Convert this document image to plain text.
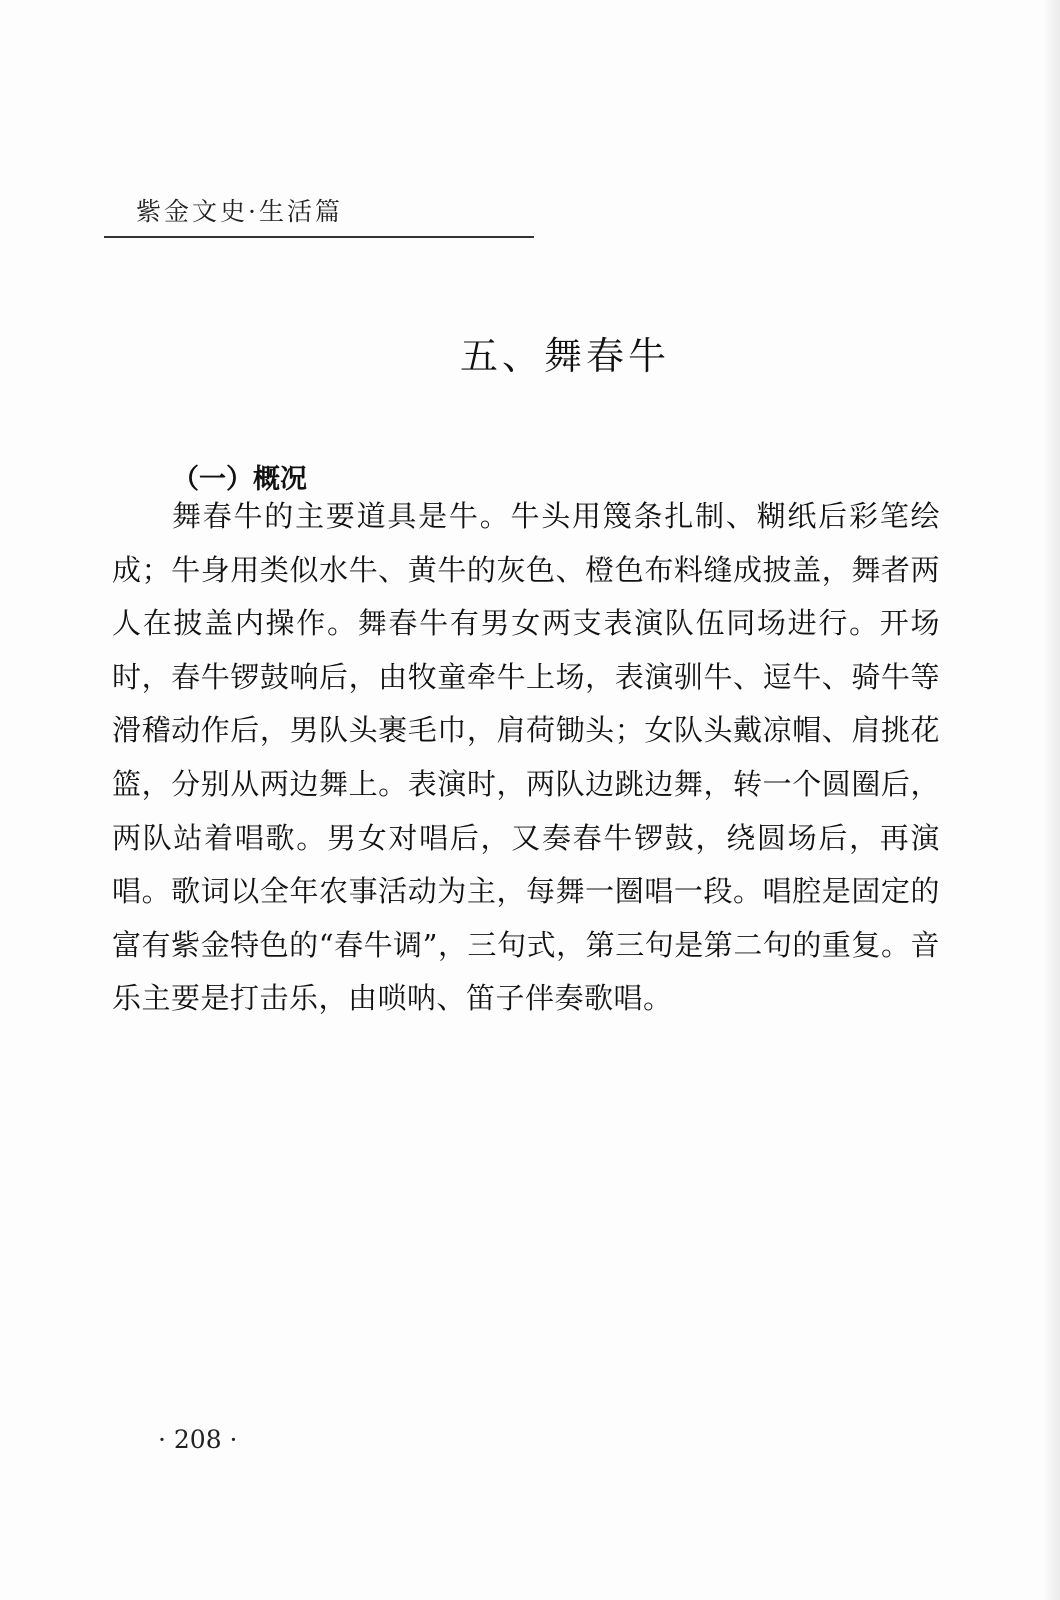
紫金文史·生活篇
五、舞春牛
（一）概况

舞春牛的主要道具是牛。牛头用篾条扎制、糊纸后彩笔绘成；牛身用类似水牛、黄牛的灰色、橙色布料缝成披盖，舞者两人在披盖内操作。舞春牛有男女两支表演队伍同场进行。开场时，春牛锣鼓响后，由牧童牵牛上场，表演驯牛、逗牛、骑牛等滑稽动作后，男队头裹毛巾，肩荷锄头；女队头戴凉帽、肩挑花篮，分别从两边舞上。表演时，两队边跳边舞，转一个圆圈后，两队站着唱歌。男女对唱后，又奏春牛锣鼓，绕圆场后，再演唱。歌词以全年农事活动为主，每舞一圈唱一段。唱腔是固定的富有紫金特色的“春牛调”，三句式，第三句是第二句的重复。音乐主要是打击乐，由唢呐、笛子伴奏歌唱。

· 208 ·
